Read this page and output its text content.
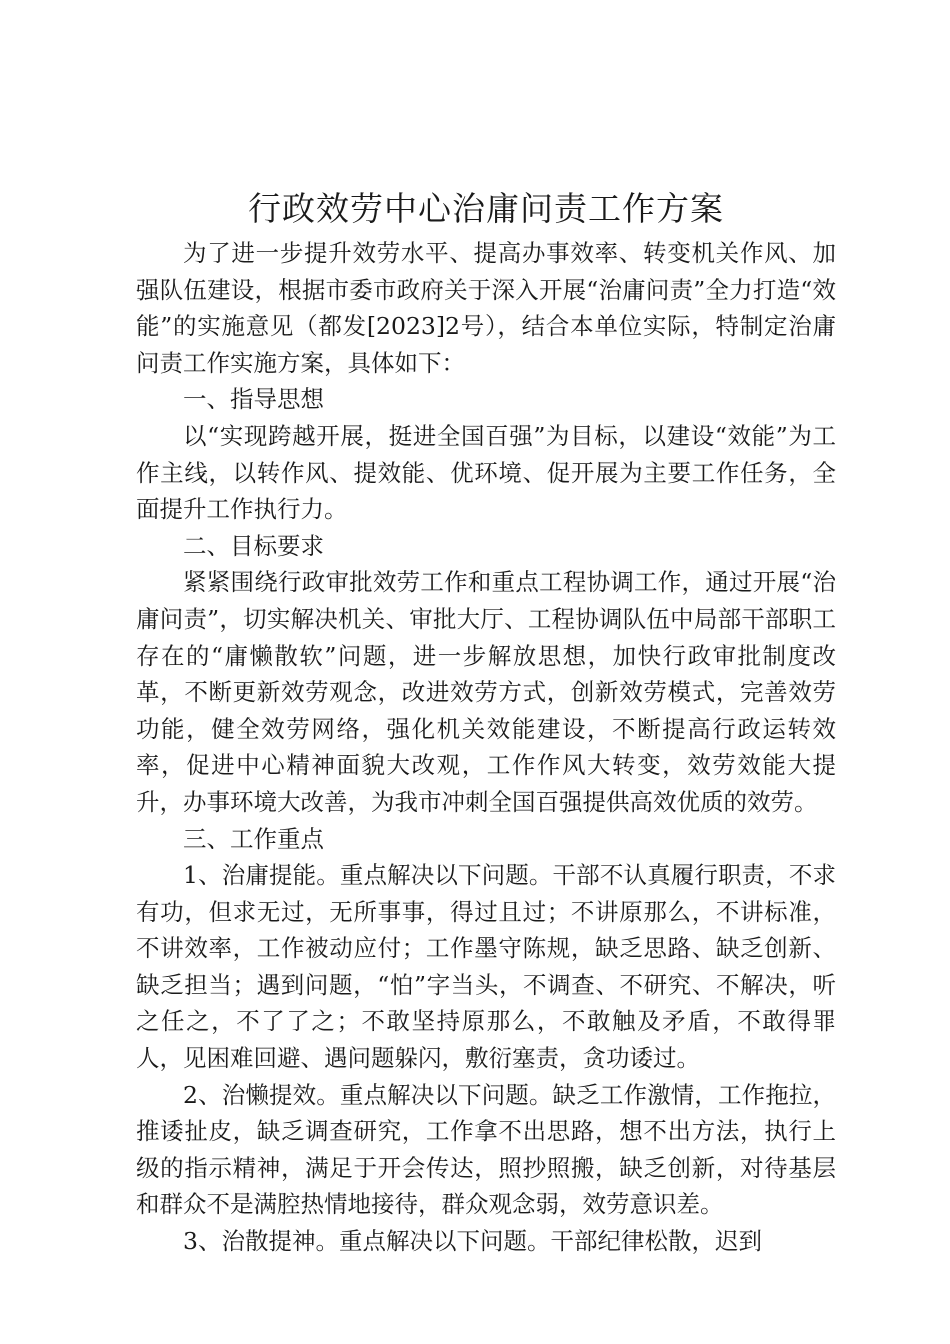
行政效劳中心治庸问责工作方案

为了进一步提升效劳水平、提高办事效率、转变机关作风、加强队伍建设，根据市委市政府关于深入开展“治庸问责”全力打造“效能”的实施意见（都发[2023]2号），结合本单位实际，特制定治庸问责工作实施方案，具体如下：

一、指导思想

以“实现跨越开展，挺进全国百强”为目标，以建设“效能”为工作主线，以转作风、提效能、优环境、促开展为主要工作任务，全面提升工作执行力。

二、目标要求

紧紧围绕行政审批效劳工作和重点工程协调工作，通过开展“治庸问责”，切实解决机关、审批大厅、工程协调队伍中局部干部职工存在的“庸懒散软”问题，进一步解放思想，加快行政审批制度改革，不断更新效劳观念，改进效劳方式，创新效劳模式，完善效劳功能，健全效劳网络，强化机关效能建设，不断提高行政运转效率，促进中心精神面貌大改观，工作作风大转变，效劳效能大提升，办事环境大改善，为我市冲刺全国百强提供高效优质的效劳。

三、工作重点

1、治庸提能。重点解决以下问题。干部不认真履行职责，不求有功，但求无过，无所事事，得过且过；不讲原那么，不讲标准，不讲效率，工作被动应付；工作墨守陈规，缺乏思路、缺乏创新、缺乏担当；遇到问题，“怕”字当头，不调查、不研究、不解决，听之任之，不了了之；不敢坚持原那么，不敢触及矛盾，不敢得罪人，见困难回避、遇问题躲闪，敷衍塞责，贪功诿过。

2、治懒提效。重点解决以下问题。缺乏工作激情，工作拖拉，推诿扯皮，缺乏调查研究，工作拿不出思路，想不出方法，执行上级的指示精神，满足于开会传达，照抄照搬，缺乏创新，对待基层和群众不是满腔热情地接待，群众观念弱，效劳意识差。

3、治散提神。重点解决以下问题。干部纪律松散，迟到
